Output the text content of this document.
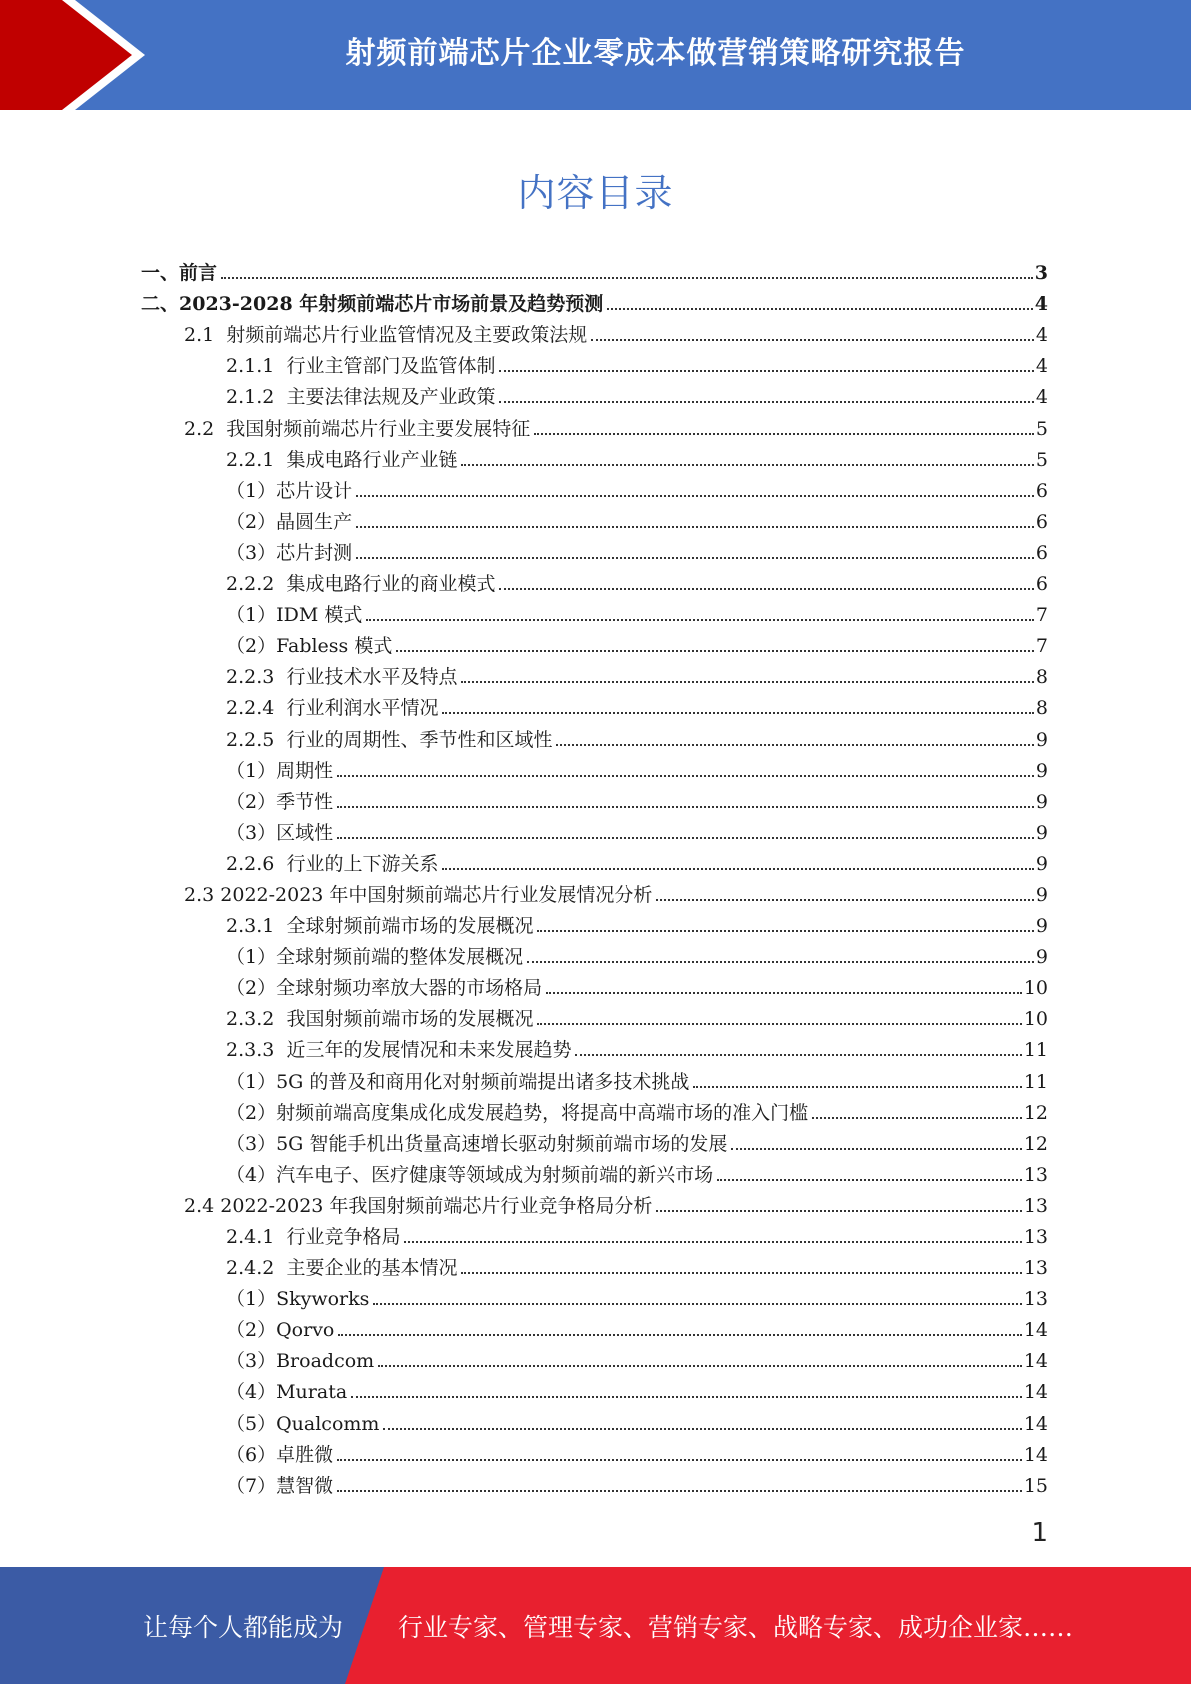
射频前端芯片企业零成本做营销策略研究报告
内容目录
一、 前言	3
二、 2023-2028 年射频前端芯片市场前景及趋势预测	4
2.1 射频前端芯片行业监管情况及主要政策法规	4
2.1.1 行业主管部门及监管体制	4
2.1.2 主要法律法规及产业政策	4
2.2 我国射频前端芯片行业主要发展特征	5
2.2.1 集成电路行业产业链	5
（1） 芯片设计	6
（2） 晶圆生产	6
（3） 芯片封测	6
2.2.2 集成电路行业的商业模式	6
（1） IDM 模式	7
（2） Fabless 模式	7
2.2.3 行业技术水平及特点	8
2.2.4 行业利润水平情况	8
2.2.5 行业的周期性、季节性和区域性	9
（1） 周期性	9
（2） 季节性	9
（3） 区域性	9
2.2.6 行业的上下游关系	9
2.3 2022-2023 年中国射频前端芯片行业发展情况分析	9
2.3.1 全球射频前端市场的发展概况	9
（1） 全球射频前端的整体发展概况	9
（2） 全球射频功率放大器的市场格局	10
2.3.2 我国射频前端市场的发展概况	10
2.3.3 近三年的发展情况和未来发展趋势	11
（1） 5G 的普及和商用化对射频前端提出诸多技术挑战	11
（2） 射频前端高度集成化成发展趋势，将提高中高端市场的准入门槛	12
（3） 5G 智能手机出货量高速增长驱动射频前端市场的发展	12
（4） 汽车电子、医疗健康等领域成为射频前端的新兴市场	13
2.4 2022-2023 年我国射频前端芯片行业竞争格局分析	13
2.4.1 行业竞争格局	13
2.4.2 主要企业的基本情况	13
（1） Skyworks	13
（2） Qorvo	14
（3） Broadcom	14
（4） Murata	14
（5） Qualcomm	14
（6） 卓胜微	14
（7） 慧智微	15
1
让每个人都能成为 行业专家、管理专家、营销专家、战略专家、成功企业家……
